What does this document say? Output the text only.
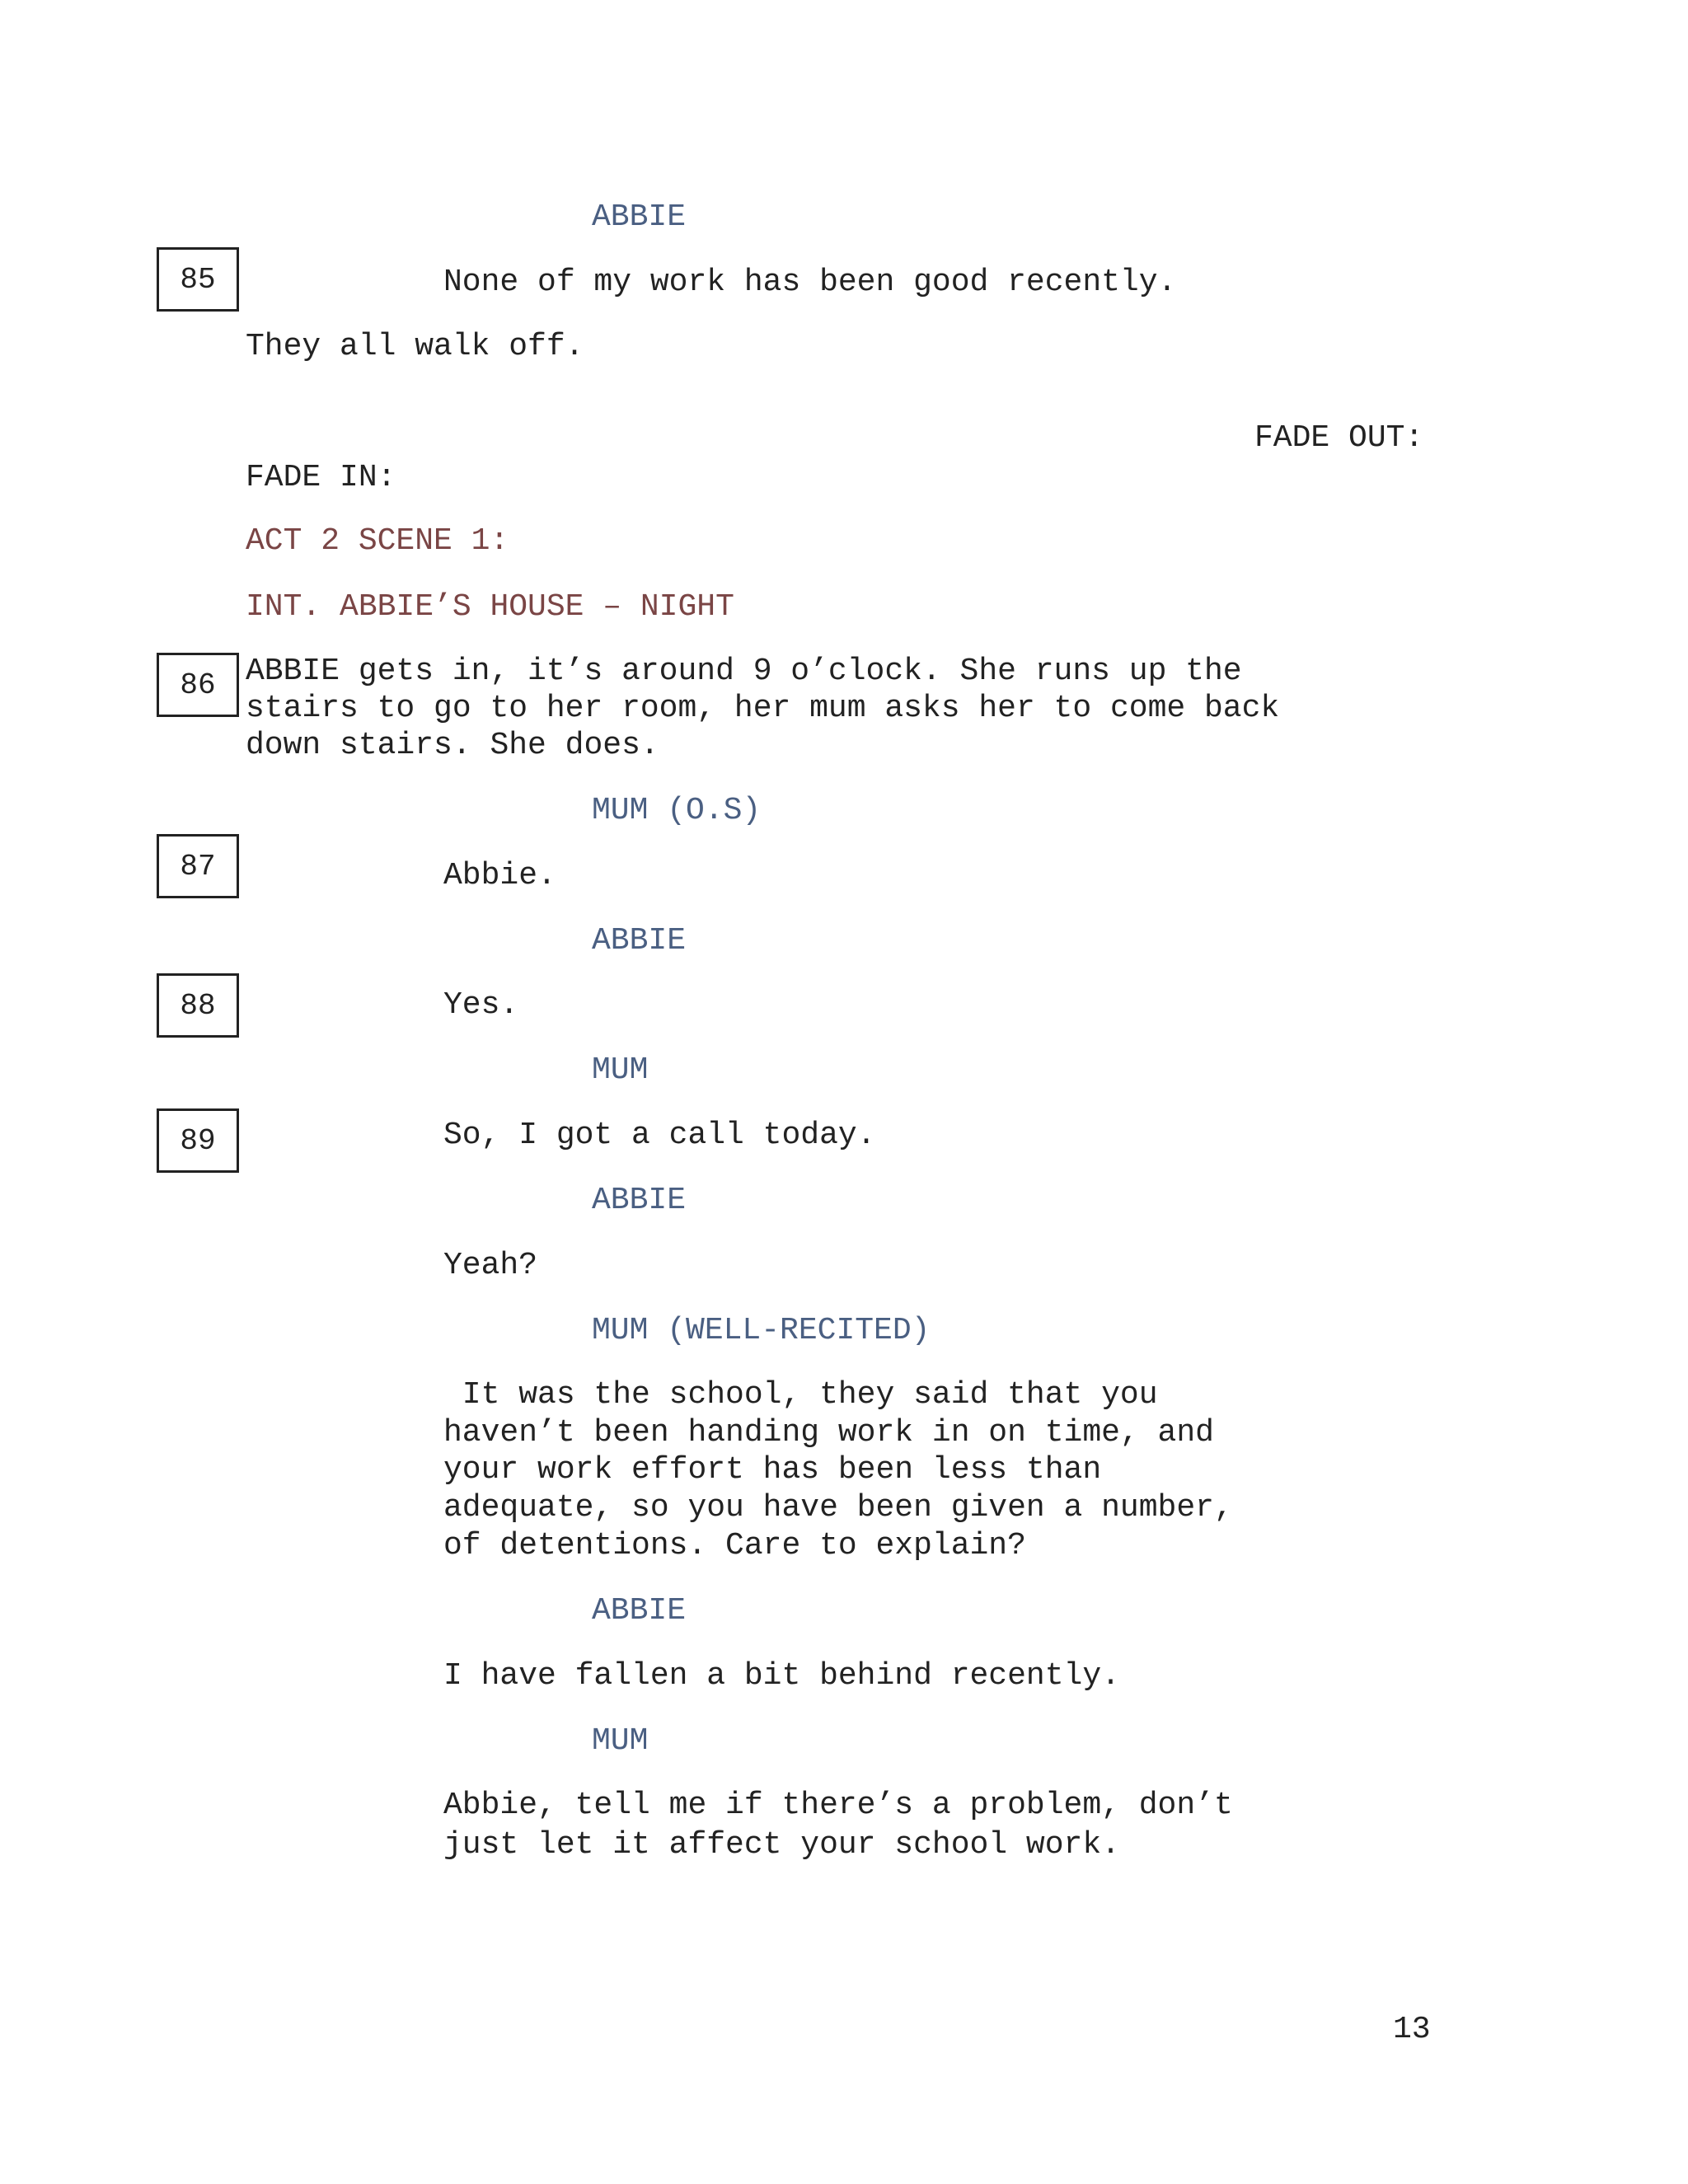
85
86
87
88
89
ABBIE
None of my work has been good recently.
They all walk off.
FADE OUT:
FADE IN:
ACT 2 SCENE 1:
INT. ABBIE’S HOUSE – NIGHT
ABBIE gets in, it’s around 9 o’clock. She runs up the
stairs to go to her room, her mum asks her to come back
down stairs. She does.
MUM (O.S)
Abbie.
ABBIE
Yes.
MUM
So, I got a call today.
ABBIE
Yeah?
MUM (WELL-RECITED)
It was the school, they said that you
haven’t been handing work in on time, and
your work effort has been less than
adequate, so you have been given a number,
of detentions. Care to explain?
ABBIE
I have fallen a bit behind recently.
MUM
Abbie, tell me if there’s a problem, don’t
just let it affect your school work.
13
